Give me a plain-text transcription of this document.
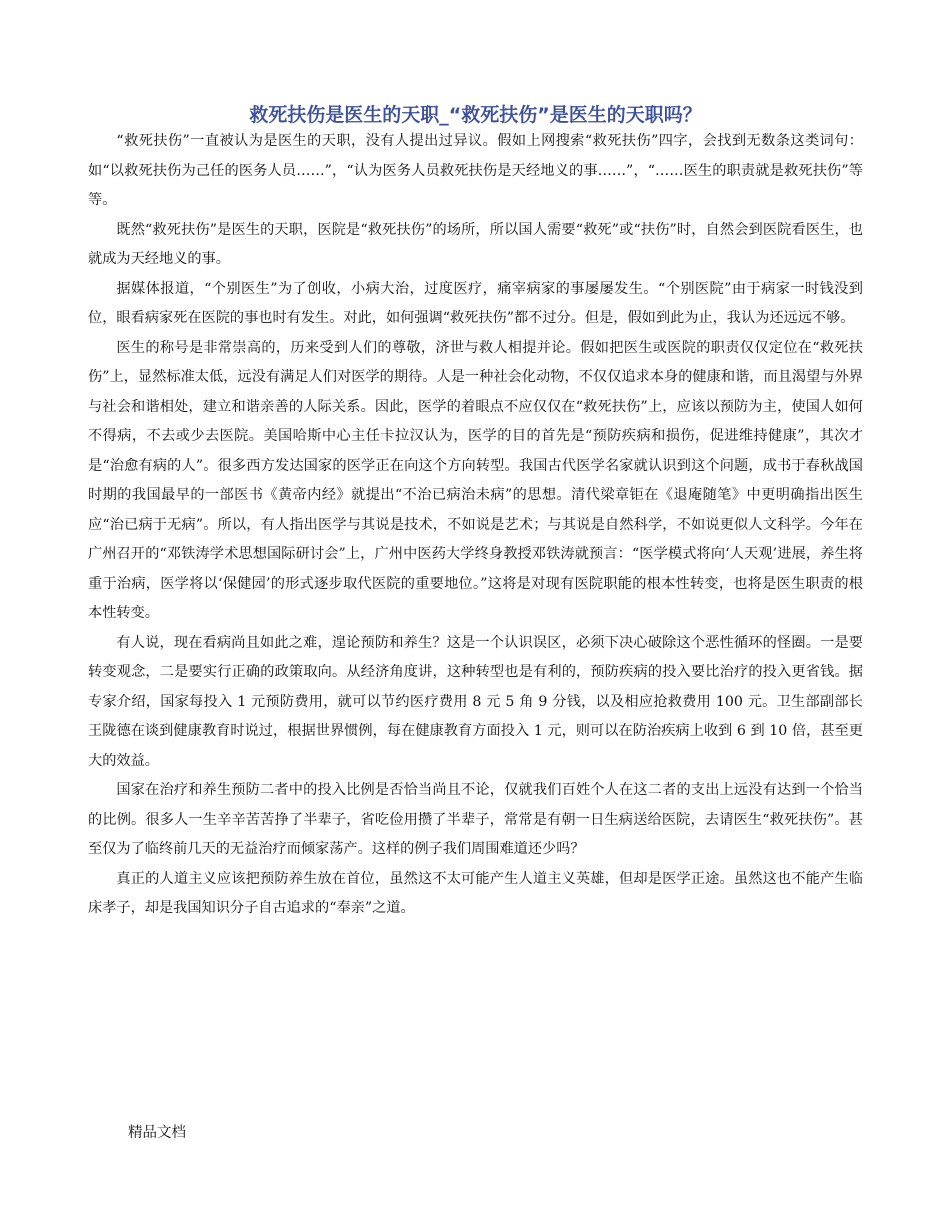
救死扶伤是医生的天职_“救死扶伤”是医生的天职吗？

“救死扶伤”一直被认为是医生的天职，没有人提出过异议。假如上网搜索“救死扶伤”四字，会找到无数条这类词句：如“以救死扶伤为己任的医务人员……”，“认为医务人员救死扶伤是天经地义的事……”，“……医生的职责就是救死扶伤”等等。

既然“救死扶伤”是医生的天职，医院是“救死扶伤”的场所，所以国人需要“救死”或“扶伤”时，自然会到医院看医生，也就成为天经地义的事。

据媒体报道，“个别医生”为了创收，小病大治，过度医疗，痛宰病家的事屡屡发生。“个别医院”由于病家一时钱没到位，眼看病家死在医院的事也时有发生。对此，如何强调“救死扶伤”都不过分。但是，假如到此为止，我认为还远远不够。

医生的称号是非常崇高的，历来受到人们的尊敬，济世与救人相提并论。假如把医生或医院的职责仅仅定位在“救死扶伤”上，显然标准太低，远没有满足人们对医学的期待。人是一种社会化动物，不仅仅追求本身的健康和谐，而且渴望与外界与社会和谐相处，建立和谐亲善的人际关系。因此，医学的着眼点不应仅仅在“救死扶伤”上，应该以预防为主，使国人如何不得病，不去或少去医院。美国哈斯中心主任卡拉汉认为，医学的目的首先是“预防疾病和损伤，促进维持健康”，其次才是“治愈有病的人”。很多西方发达国家的医学正在向这个方向转型。我国古代医学名家就认识到这个问题，成书于春秋战国时期的我国最早的一部医书《黄帝内经》就提出“不治已病治未病”的思想。清代梁章钜在《退庵随笔》中更明确指出医生应“治已病于无病”。所以，有人指出医学与其说是技术，不如说是艺术；与其说是自然科学，不如说更似人文科学。今年在广州召开的“邓铁涛学术思想国际研讨会”上，广州中医药大学终身教授邓铁涛就预言：“医学模式将向‘人天观’进展，养生将重于治病，医学将以‘保健园’的形式逐步取代医院的重要地位。”这将是对现有医院职能的根本性转变，也将是医生职责的根本性转变。

有人说，现在看病尚且如此之难，遑论预防和养生？这是一个认识误区，必须下决心破除这个恶性循环的怪圈。一是要转变观念，二是要实行正确的政策取向。从经济角度讲，这种转型也是有利的，预防疾病的投入要比治疗的投入更省钱。据专家介绍，国家每投入 1 元预防费用，就可以节约医疗费用 8 元 5 角 9 分钱，以及相应抢救费用 100 元。卫生部副部长王陇德在谈到健康教育时说过，根据世界惯例，每在健康教育方面投入 1 元，则可以在防治疾病上收到 6 到 10 倍，甚至更大的效益。

国家在治疗和养生预防二者中的投入比例是否恰当尚且不论，仅就我们百姓个人在这二者的支出上远没有达到一个恰当的比例。很多人一生辛辛苦苦挣了半辈子，省吃俭用攒了半辈子，常常是有朝一日生病送给医院，去请医生“救死扶伤”。甚至仅为了临终前几天的无益治疗而倾家荡产。这样的例子我们周围难道还少吗？

真正的人道主义应该把预防养生放在首位，虽然这不太可能产生人道主义英雄，但却是医学正途。虽然这也不能产生临床孝子，却是我国知识分子自古追求的“奉亲”之道。

精品文档
